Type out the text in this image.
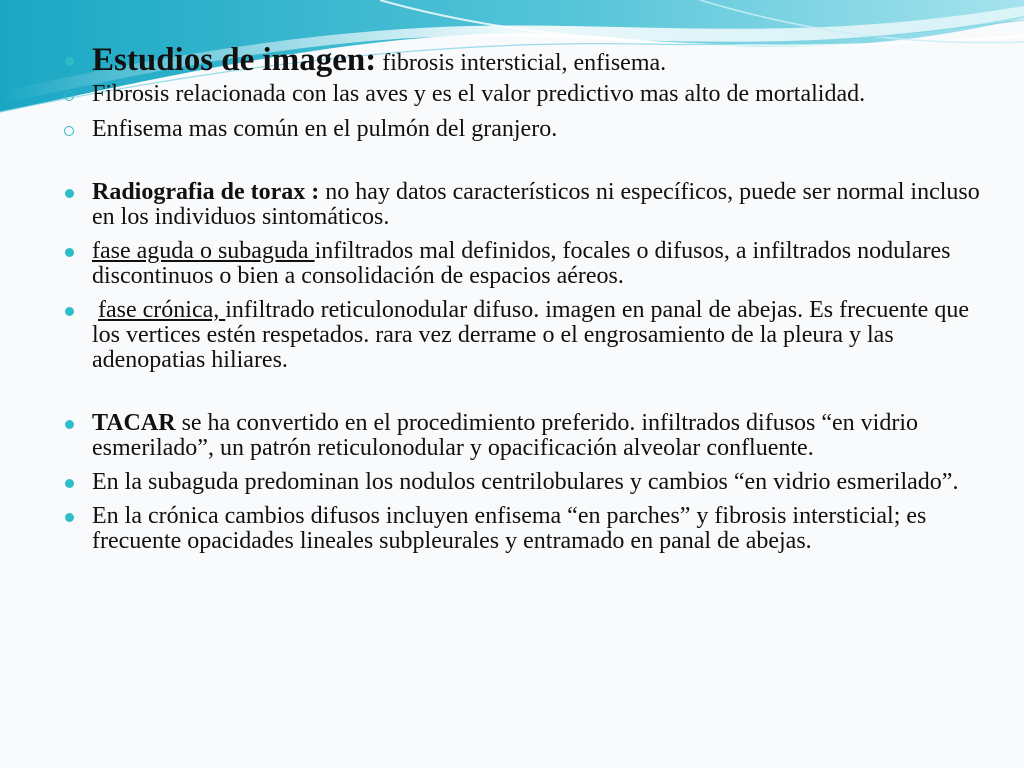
Estudios de imagen: fibrosis intersticial, enfisema.
Fibrosis relacionada con las aves y es el valor predictivo mas alto de mortalidad.
Enfisema mas común en el pulmón del granjero.
Radiografia de torax : no hay datos característicos ni específicos, puede ser normal incluso en los individuos sintomáticos.
fase aguda o subaguda infiltrados mal definidos, focales o difusos, a infiltrados nodulares discontinuos o bien a consolidación de espacios aéreos.
fase crónica, infiltrado reticulonodular difuso. imagen en panal de abejas. Es frecuente que los vertices estén respetados. rara vez derrame o el engrosamiento de la pleura y las adenopatias hiliares.
TACAR se ha convertido en el procedimiento preferido. infiltrados difusos “en vidrio esmerilado”, un patrón reticulonodular y opacificación alveolar confluente.
En la subaguda predominan los nodulos centrilobulares y cambios “en vidrio esmerilado”.
En la crónica cambios difusos incluyen enfisema “en parches” y fibrosis intersticial; es frecuente opacidades lineales subpleurales y entramado en panal de abejas.
